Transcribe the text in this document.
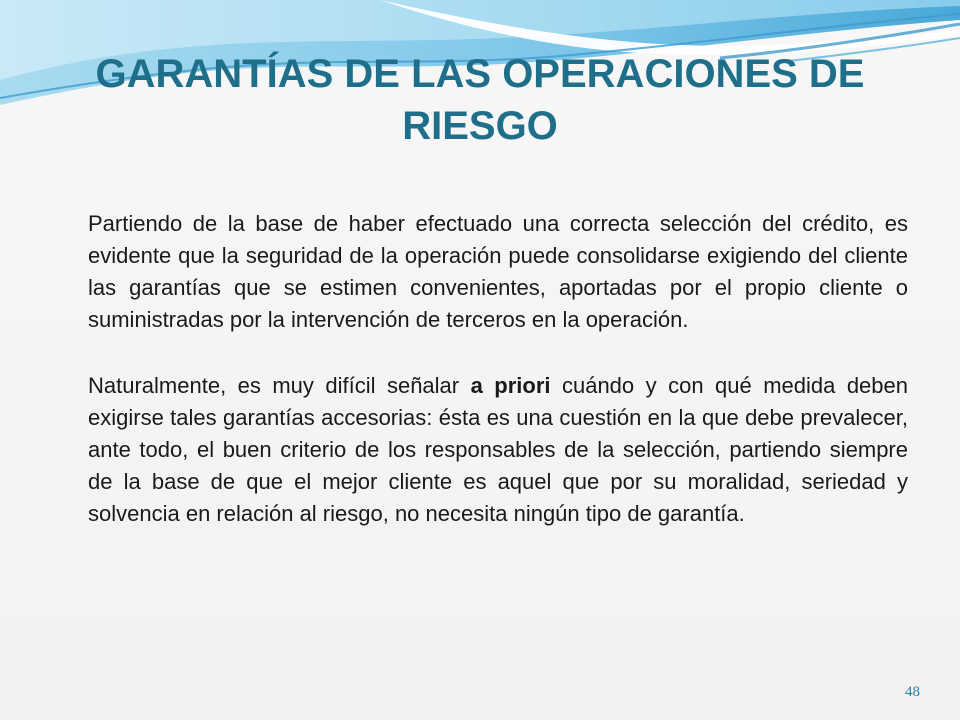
GARANTÍAS DE LAS OPERACIONES DE RIESGO

Partiendo de la base de haber efectuado una correcta selección del crédito, es evidente que la seguridad de la operación puede consolidarse exigiendo del cliente las garantías que se estimen convenientes, aportadas por el propio cliente o suministradas por la intervención de terceros en la operación.

Naturalmente, es muy difícil señalar a priori cuándo y con qué medida deben exigirse tales garantías accesorias: ésta es una cuestión en la que debe prevalecer, ante todo, el buen criterio de los responsables de la selección, partiendo siempre de la base de que el mejor cliente es aquel que por su moralidad, seriedad y solvencia en relación al riesgo, no necesita ningún tipo de garantía.

48
